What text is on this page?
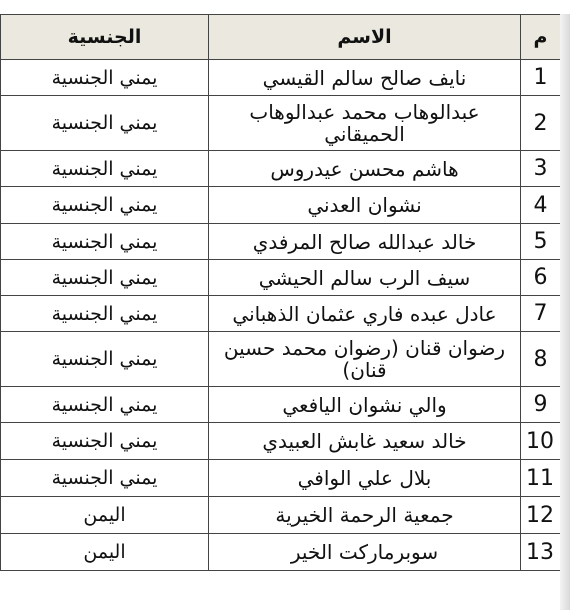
م	الاسم	الجنسية
1	نايف صالح سالم القيسي	يمني الجنسية
2	عبدالوهاب محمد عبدالوهاب الحميقاني	يمني الجنسية
3	هاشم محسن عيدروس	يمني الجنسية
4	نشوان العدني	يمني الجنسية
5	خالد عبدالله صالح المرفدي	يمني الجنسية
6	سيف الرب سالم الحيشي	يمني الجنسية
7	عادل عبده فاري عثمان الذهباني	يمني الجنسية
8	رضوان قنان (رضوان محمد حسين قنان)	يمني الجنسية
9	والي نشوان اليافعي	يمني الجنسية
10	خالد سعيد غابش العبيدي	يمني الجنسية
11	بلال علي الوافي	يمني الجنسية
12	جمعية الرحمة الخيرية	اليمن
13	سوبرماركت الخير	اليمن
